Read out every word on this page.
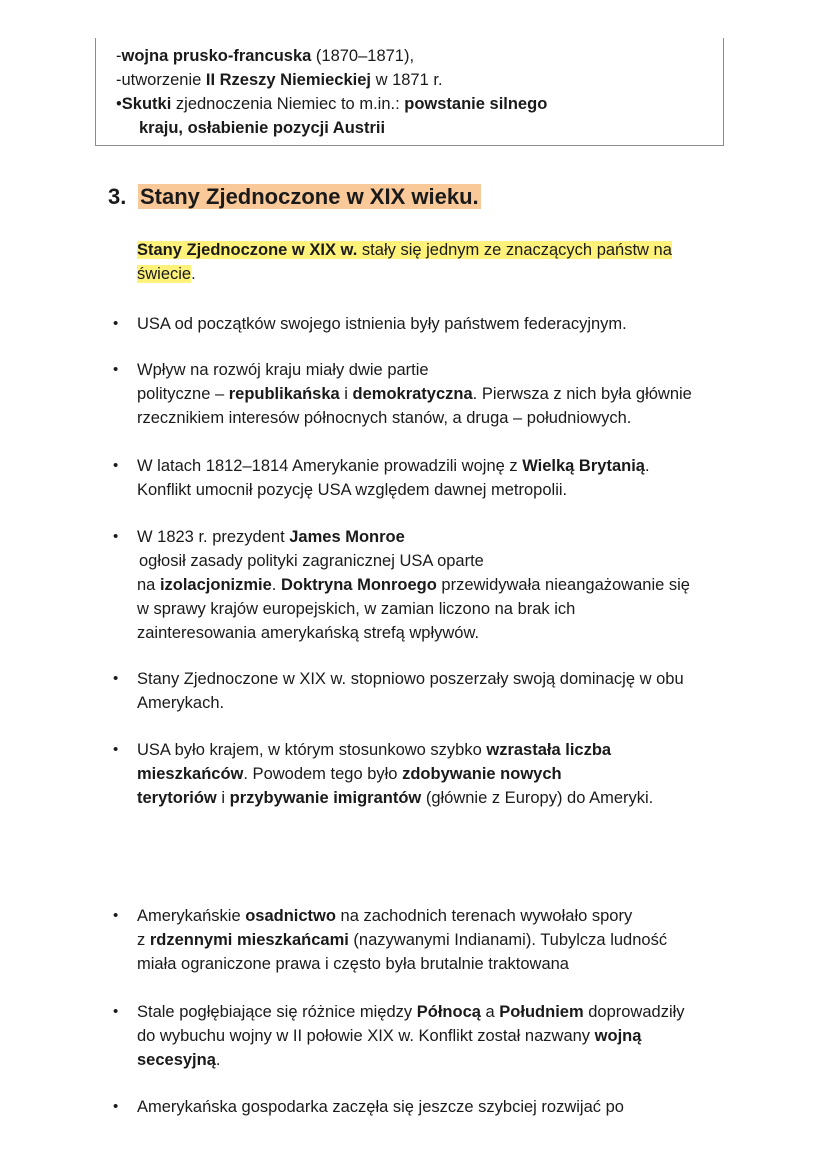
-wojna prusko-francuska (1870–1871),
-utworzenie II Rzeszy Niemieckiej w 1871 r.
•Skutki zjednoczenia Niemiec to m.in.: powstanie silnego
kraju, osłabienie pozycji Austrii
3. Stany Zjednoczone w XIX wieku.
Stany Zjednoczone w XIX w. stały się jednym ze znaczących państw na
świecie.
•	USA od początków swojego istnienia były państwem federacyjnym.
•	Wpływ na rozwój kraju miały dwie partie
polityczne – republikańska i demokratyczna. Pierwsza z nich była głównie
rzecznikiem interesów północnych stanów, a druga – południowych.
•	W latach 1812–1814 Amerykanie prowadzili wojnę z Wielką Brytanią.
Konflikt umocnił pozycję USA względem dawnej metropolii.
•	W 1823 r. prezydent James Monroe
ogłosił zasady polityki zagranicznej USA oparte
na izolacjonizmie. Doktryna Monroego przewidywała nieangażowanie się
w sprawy krajów europejskich, w zamian liczono na brak ich
zainteresowania amerykańską strefą wpływów.
•	Stany Zjednoczone w XIX w. stopniowo poszerzały swoją dominację w obu
Amerykach.
•	USA było krajem, w którym stosunkowo szybko wzrastała liczba
mieszkańców. Powodem tego było zdobywanie nowych
terytoriów i przybywanie imigrantów (głównie z Europy) do Ameryki.
•	Amerykańskie osadnictwo na zachodnich terenach wywołało spory
z rdzennymi mieszkańcami (nazywanymi Indianami). Tubylcza ludność
miała ograniczone prawa i często była brutalnie traktowana
•	Stale pogłębiające się różnice między Północą a Południem doprowadziły
do wybuchu wojny w II połowie XIX w. Konflikt został nazwany wojną
secesyjną.
•	Amerykańska gospodarka zaczęła się jeszcze szybciej rozwijać po
